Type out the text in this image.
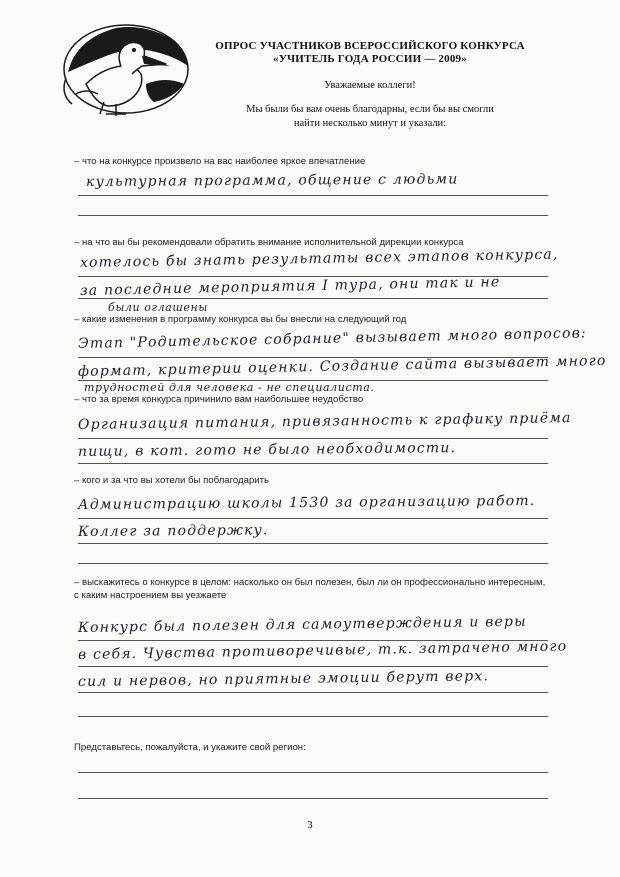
ОПРОС УЧАСТНИКОВ ВСЕРОССИЙСКОГО КОНКУРСА
«УЧИТЕЛЬ ГОДА РОССИИ — 2009»
Уважаемые коллеги!
Мы были бы вам очень благодарны, если бы вы смогли
найти несколько минут и указали:
– что на конкурсе произвело на вас наиболее яркое впечатление
культурная программа, общение с людьми
– на что вы бы рекомендовали обратить внимание исполнительной дирекции конкурса
хотелось бы знать результаты всех этапов конкурса,
за последние мероприятия I тура, они так и не
были оглашены
– какие изменения в программу конкурса вы бы внесли на следующий год
Этап "Родительское собрание" вызывает много вопросов:
формат, критерии оценки. Создание сайта вызывает много
трудностей для человека - не специалиста.
– что за время конкурса причинило вам наибольшее неудобство
Организация питания, привязанность к графику приёма
пищи, в кот. гото не было необходимости.
– кого и за что вы хотели бы поблагодарить
Администрацию школы 1530 за организацию работ.
Коллег за поддержку.
– выскажитесь о конкурсе в целом: насколько он был полезен, был ли он профессионально интересным, с каким настроением вы уезжаете
Конкурс был полезен для самоутверждения и веры
в себя. Чувства противоречивые, т.к. затрачено много
сил и нервов, но приятные эмоции берут верх.
Представьтесь, пожалуйста, и укажите свой регион:
3
